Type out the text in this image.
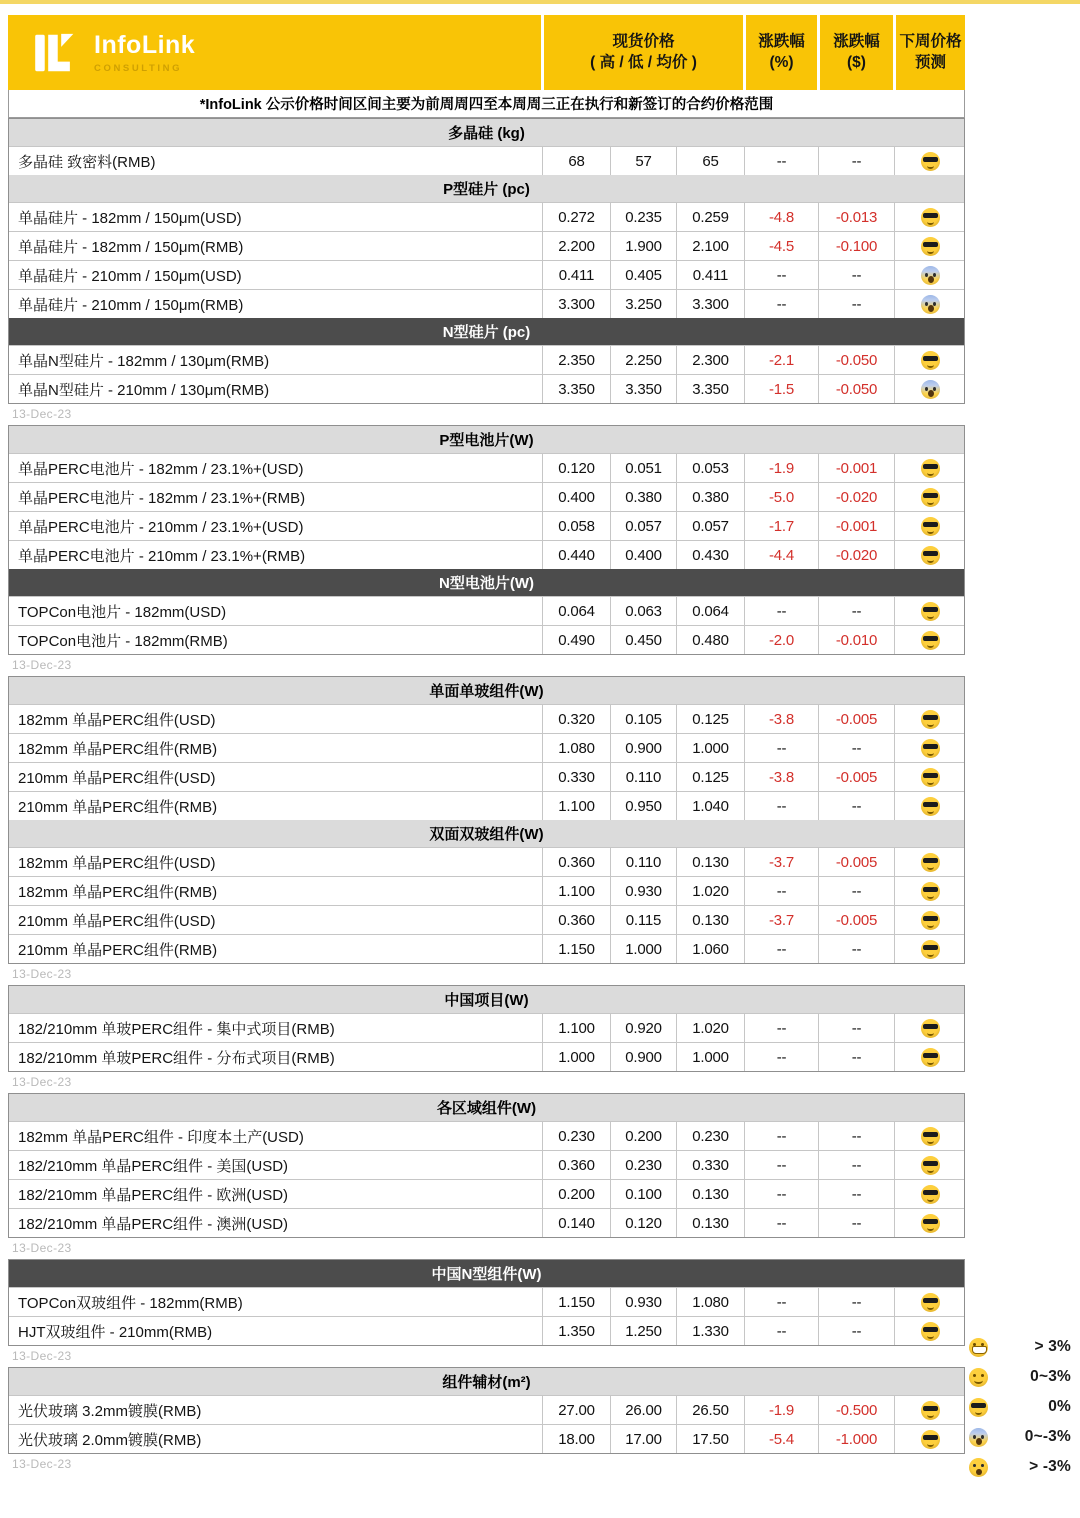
InfoLink
CONSULTING
现货价格
( 高 / 低 / 均价 )
涨跌幅
(%)
涨跌幅
($)
下周价格
预测
*InfoLink 公示价格时间区间主要为前周周四至本周周三正在执行和新签订的合约价格范围
多晶硅 (kg)
多晶硅 致密料(RMB)	68	57	65	--	--
P型硅片 (pc)
单晶硅片 - 182mm / 150μm(USD)	0.272	0.235	0.259	-4.8	-0.013
单晶硅片 - 182mm / 150μm(RMB)	2.200	1.900	2.100	-4.5	-0.100
单晶硅片 - 210mm / 150μm(USD)	0.411	0.405	0.411	--	--
单晶硅片 - 210mm / 150μm(RMB)	3.300	3.250	3.300	--	--
N型硅片 (pc)
单晶N型硅片 - 182mm / 130μm(RMB)	2.350	2.250	2.300	-2.1	-0.050
单晶N型硅片 - 210mm / 130μm(RMB)	3.350	3.350	3.350	-1.5	-0.050
13-Dec-23
P型电池片(W)
单晶PERC电池片 - 182mm / 23.1%+(USD)	0.120	0.051	0.053	-1.9	-0.001
单晶PERC电池片 - 182mm / 23.1%+(RMB)	0.400	0.380	0.380	-5.0	-0.020
单晶PERC电池片 - 210mm / 23.1%+(USD)	0.058	0.057	0.057	-1.7	-0.001
单晶PERC电池片 - 210mm / 23.1%+(RMB)	0.440	0.400	0.430	-4.4	-0.020
N型电池片(W)
TOPCon电池片 - 182mm(USD)	0.064	0.063	0.064	--	--
TOPCon电池片 - 182mm(RMB)	0.490	0.450	0.480	-2.0	-0.010
13-Dec-23
单面单玻组件(W)
182mm 单晶PERC组件(USD)	0.320	0.105	0.125	-3.8	-0.005
182mm 单晶PERC组件(RMB)	1.080	0.900	1.000	--	--
210mm 单晶PERC组件(USD)	0.330	0.110	0.125	-3.8	-0.005
210mm 单晶PERC组件(RMB)	1.100	0.950	1.040	--	--
双面双玻组件(W)
182mm 单晶PERC组件(USD)	0.360	0.110	0.130	-3.7	-0.005
182mm 单晶PERC组件(RMB)	1.100	0.930	1.020	--	--
210mm 单晶PERC组件(USD)	0.360	0.115	0.130	-3.7	-0.005
210mm 单晶PERC组件(RMB)	1.150	1.000	1.060	--	--
13-Dec-23
中国项目(W)
182/210mm 单玻PERC组件 - 集中式项目(RMB)	1.100	0.920	1.020	--	--
182/210mm 单玻PERC组件 - 分布式项目(RMB)	1.000	0.900	1.000	--	--
13-Dec-23
各区域组件(W)
182mm 单晶PERC组件 - 印度本土产(USD)	0.230	0.200	0.230	--	--
182/210mm 单晶PERC组件 - 美国(USD)	0.360	0.230	0.330	--	--
182/210mm 单晶PERC组件 - 欧洲(USD)	0.200	0.100	0.130	--	--
182/210mm 单晶PERC组件 - 澳洲(USD)	0.140	0.120	0.130	--	--
13-Dec-23
中国N型组件(W)
TOPCon双玻组件 - 182mm(RMB)	1.150	0.930	1.080	--	--
HJT双玻组件 - 210mm(RMB)	1.350	1.250	1.330	--	--
13-Dec-23
组件辅材(m²)
光伏玻璃 3.2mm镀膜(RMB)	27.00	26.00	26.50	-1.9	-0.500
光伏玻璃 2.0mm镀膜(RMB)	18.00	17.00	17.50	-5.4	-1.000
13-Dec-23
> 3%
0~3%
0%
0~-3%
> -3%
